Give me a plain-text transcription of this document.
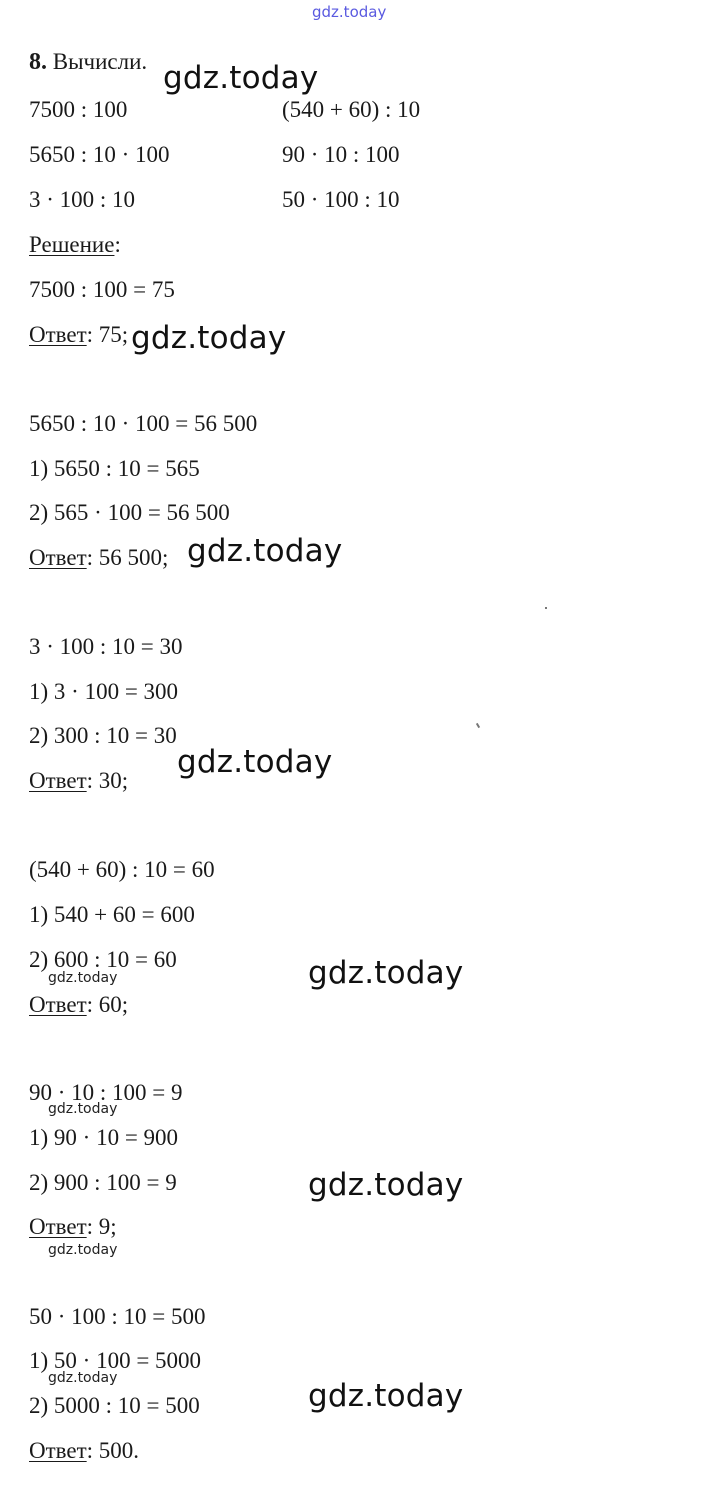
gdz.today
8. Вычисли. gdz.today
7500 : 100
5650 : 10 · 100
3 · 100 : 10
(540 + 60) : 10
90 · 10 : 100
50 · 100 : 10
Решение:
7500 : 100 = 75
Ответ: 75; gdz.today
5650 : 10 · 100 = 56 500
1) 5650 : 10 = 565
2) 565 · 100 = 56 500
Ответ: 56 500; gdz.today
3 · 100 : 10 = 30
1) 3 · 100 = 300
2) 300 : 10 = 30
Ответ: 30;
gdz.today
(540 + 60) : 10 = 60
1) 540 + 60 = 600
2) 600 : 10 = 60
gdz.today
Ответ: 60;
gdz.today
90 · 10 : 100 = 9
gdz.today
1) 90 · 10 = 900
2) 900 : 100 = 9
Ответ: 9;
gdz.today
gdz.today
50 · 100 : 10 = 500
1) 50 · 100 = 5000
gdz.today
2) 5000 : 10 = 500
Ответ: 500.
gdz.today
